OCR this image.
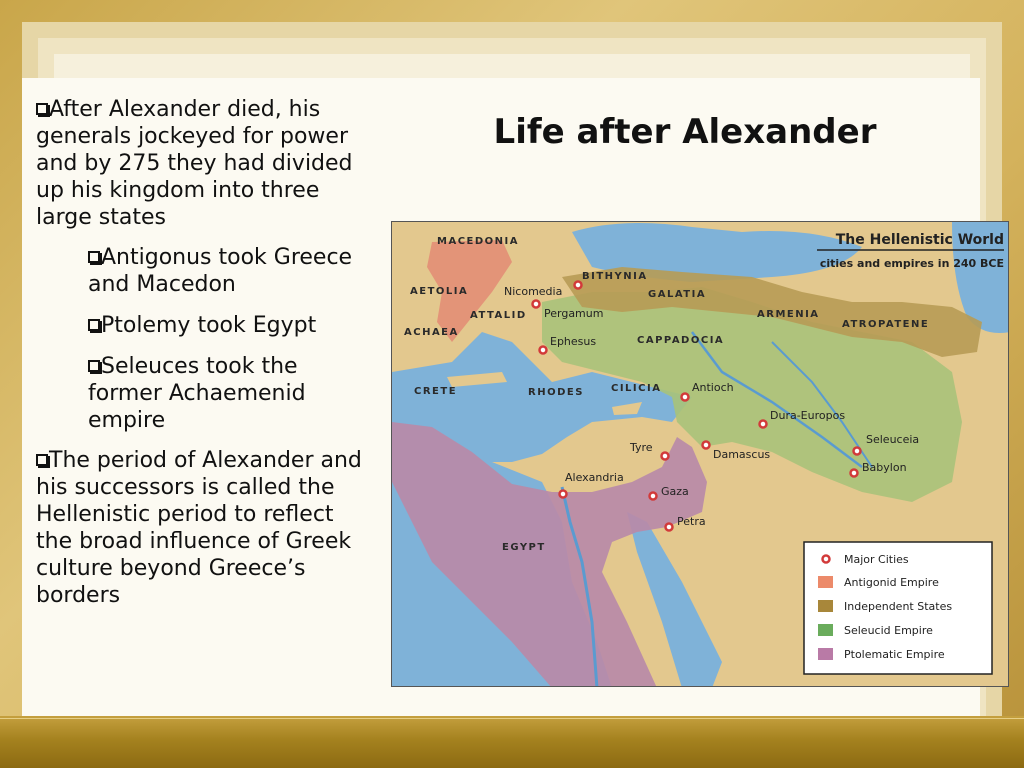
After Alexander died, his generals jockeyed for power and by 275 they had divided up his kingdom into three large states

Antigonus took Greece and Macedon

Ptolemy took Egypt

Seleuces took the former Achaemenid empire

The period of Alexander and his successors is called the Hellenistic period to reflect the broad influence of Greek culture beyond Greece’s borders

Life after Alexander
The Hellenistic World
cities and empires in 240 BCE
MACEDONIA
BITHYNIA
GALATIA
AETOLIA
ATTALID
ACHAEA
ARMENIA
ATROPATENE
CAPPADOCIA
CRETE	RHODES	CILICIA
EGYPT
Nicomedia
Pergamum
Ephesus
Antioch
Dura-Europos
Seleuceia
Babylon
Tyre
Damascus
Alexandria
Gaza
Petra
Major Cities
Antigonid Empire
Independent States
Seleucid Empire
Ptolematic Empire
